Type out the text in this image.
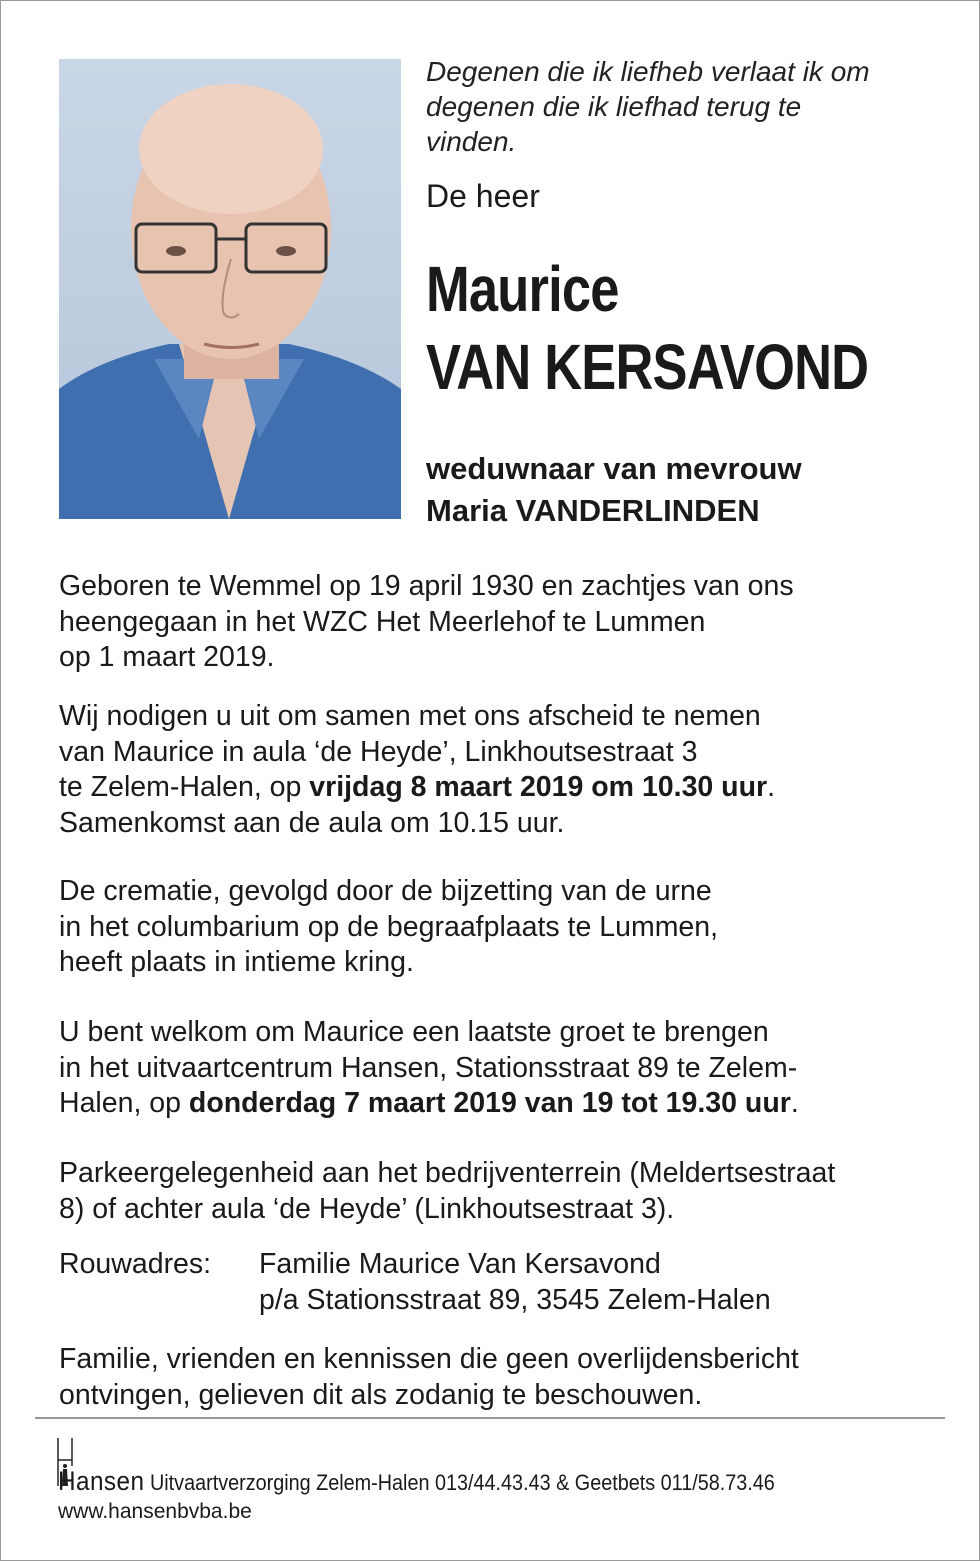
Degenen die ik liefheb verlaat ik om
degenen die ik liefhad terug te
vinden.
De heer
Maurice
VAN KERSAVOND
weduwnaar van mevrouw
Maria VANDERLINDEN
Geboren te Wemmel op 19 april 1930 en zachtjes van ons
heengegaan in het WZC Het Meerlehof te Lummen
op 1 maart 2019.
Wij nodigen u uit om samen met ons afscheid te nemen
van Maurice in aula ‘de Heyde’, Linkhoutsestraat 3
te Zelem-Halen, op vrijdag 8 maart 2019 om 10.30 uur.
Samenkomst aan de aula om 10.15 uur.
De crematie, gevolgd door de bijzetting van de urne
in het columbarium op de begraafplaats te Lummen,
heeft plaats in intieme kring.
U bent welkom om Maurice een laatste groet te brengen
in het uitvaartcentrum Hansen, Stationsstraat 89 te Zelem-
Halen, op donderdag 7 maart 2019 van 19 tot 19.30 uur.
Parkeergelegenheid aan het bedrijventerrein (Meldertsestraat
8) of achter aula ‘de Heyde’ (Linkhoutsestraat 3).
Rouwadres:	Familie Maurice Van Kersavond
p/a Stationsstraat 89, 3545 Zelem-Halen
Familie, vrienden en kennissen die geen overlijdensbericht
ontvingen, gelieven dit als zodanig te beschouwen.
Hansen Uitvaartverzorging Zelem-Halen 013/44.43.43 & Geetbets 011/58.73.46
www.hansenbvba.be
